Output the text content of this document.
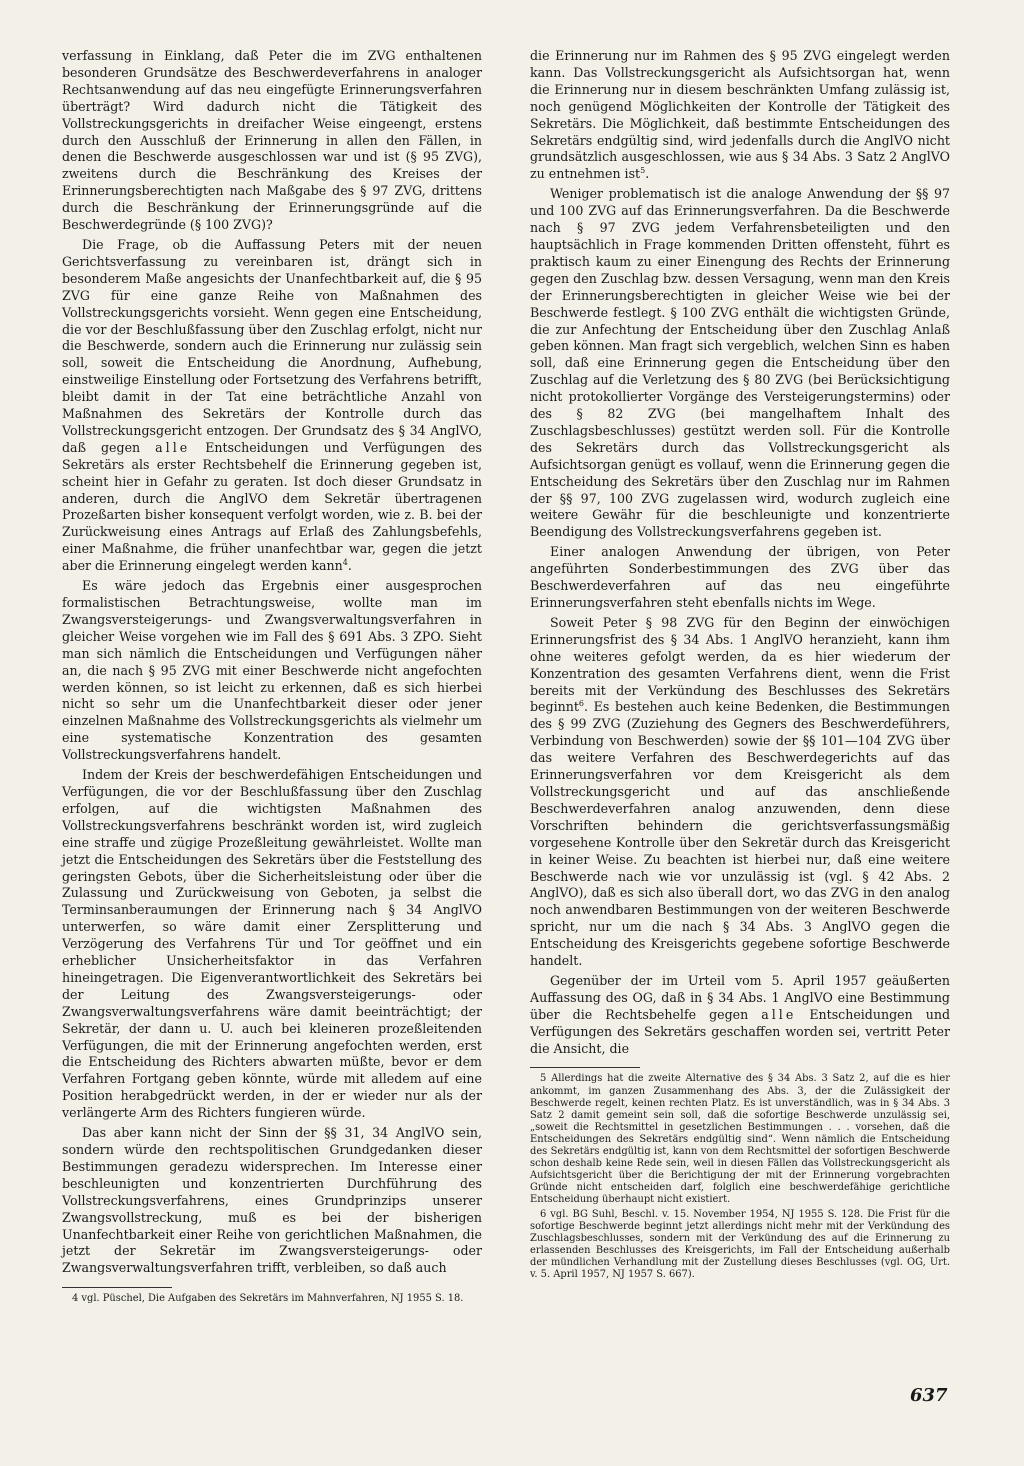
verfassung in Einklang, daß Peter die im ZVG enthaltenen besonderen Grundsätze des Beschwerdeverfahrens in analoger Rechtsanwendung auf das neu eingefügte Erinnerungsverfahren überträgt? Wird dadurch nicht die Tätigkeit des Vollstreckungsgerichts in dreifacher Weise eingeengt, erstens durch den Ausschluß der Erinnerung in allen den Fällen, in denen die Beschwerde ausgeschlossen war und ist (§ 95 ZVG), zweitens durch die Beschränkung des Kreises der Erinnerungsberechtigten nach Maßgabe des § 97 ZVG, drittens durch die Beschränkung der Erinnerungsgründe auf die Beschwerdegründe (§ 100 ZVG)?

Die Frage, ob die Auffassung Peters mit der neuen Gerichtsverfassung zu vereinbaren ist, drängt sich in besonderem Maße angesichts der Unanfechtbarkeit auf, die § 95 ZVG für eine ganze Reihe von Maßnahmen des Vollstreckungsgerichts vorsieht. Wenn gegen eine Entscheidung, die vor der Beschlußfassung über den Zuschlag erfolgt, nicht nur die Beschwerde, sondern auch die Erinnerung nur zulässig sein soll, soweit die Entscheidung die Anordnung, Aufhebung, einstweilige Einstellung oder Fortsetzung des Verfahrens betrifft, bleibt damit in der Tat eine beträchtliche Anzahl von Maßnahmen des Sekretärs der Kontrolle durch das Vollstreckungsgericht entzogen. Der Grundsatz des § 34 AnglVO, daß gegen alle Entscheidungen und Verfügungen des Sekretärs als erster Rechtsbehelf die Erinnerung gegeben ist, scheint hier in Gefahr zu geraten. Ist doch dieser Grundsatz in anderen, durch die AnglVO dem Sekretär übertragenen Prozeßarten bisher konsequent verfolgt worden, wie z. B. bei der Zurückweisung eines Antrags auf Erlaß des Zahlungsbefehls, einer Maßnahme, die früher unanfechtbar war, gegen die jetzt aber die Erinnerung eingelegt werden kann$^4$.

Es wäre jedoch das Ergebnis einer ausgesprochen formalistischen Betrachtungsweise, wollte man im Zwangsversteigerungs- und Zwangsverwaltungsverfahren in gleicher Weise vorgehen wie im Fall des § 691 Abs. 3 ZPO. Sieht man sich nämlich die Entscheidungen und Verfügungen näher an, die nach § 95 ZVG mit einer Beschwerde nicht angefochten werden können, so ist leicht zu erkennen, daß es sich hierbei nicht so sehr um die Unanfechtbarkeit dieser oder jener einzelnen Maßnahme des Vollstreckungsgerichts als vielmehr um eine systematische Konzentration des gesamten Vollstreckungsverfahrens handelt.

Indem der Kreis der beschwerdefähigen Entscheidungen und Verfügungen, die vor der Beschlußfassung über den Zuschlag erfolgen, auf die wichtigsten Maßnahmen des Vollstreckungsverfahrens beschränkt worden ist, wird zugleich eine straffe und zügige Prozeßleitung gewährleistet. Wollte man jetzt die Entscheidungen des Sekretärs über die Feststellung des geringsten Gebots, über die Sicherheitsleistung oder über die Zulassung und Zurückweisung von Geboten, ja selbst die Terminsanberaumungen der Erinnerung nach § 34 AnglVO unterwerfen, so wäre damit einer Zersplitterung und Verzögerung des Verfahrens Tür und Tor geöffnet und ein erheblicher Unsicherheitsfaktor in das Verfahren hineingetragen. Die Eigenverantwortlichkeit des Sekretärs bei der Leitung des Zwangsversteigerungs- oder Zwangsverwaltungsverfahrens wäre damit beeinträchtigt; der Sekretär, der dann u. U. auch bei kleineren prozeßleitenden Verfügungen, die mit der Erinnerung angefochten werden, erst die Entscheidung des Richters abwarten müßte, bevor er dem Verfahren Fortgang geben könnte, würde mit alledem auf eine Position herabgedrückt werden, in der er wieder nur als der verlängerte Arm des Richters fungieren würde.

Das aber kann nicht der Sinn der §§ 31, 34 AnglVO sein, sondern würde den rechtspolitischen Grundgedanken dieser Bestimmungen geradezu widersprechen. Im Interesse einer beschleunigten und konzentrierten Durchführung des Vollstreckungsverfahrens, eines Grundprinzips unserer Zwangsvollstreckung, muß es bei der bisherigen Unanfechtbarkeit einer Reihe von gerichtlichen Maßnahmen, die jetzt der Sekretär im Zwangsversteigerungs- oder Zwangsverwaltungsverfahren trifft, verbleiben, so daß auch

4 vgl. Püschel, Die Aufgaben des Sekretärs im Mahnverfahren, NJ 1955 S. 18.

die Erinnerung nur im Rahmen des § 95 ZVG eingelegt werden kann. Das Vollstreckungsgericht als Aufsichtsorgan hat, wenn die Erinnerung nur in diesem beschränkten Umfang zulässig ist, noch genügend Möglichkeiten der Kontrolle der Tätigkeit des Sekretärs. Die Möglichkeit, daß bestimmte Entscheidungen des Sekretärs endgültig sind, wird jedenfalls durch die AnglVO nicht grundsätzlich ausgeschlossen, wie aus § 34 Abs. 3 Satz 2 AnglVO zu entnehmen ist$^5$.

Weniger problematisch ist die analoge Anwendung der §§ 97 und 100 ZVG auf das Erinnerungsverfahren. Da die Beschwerde nach § 97 ZVG jedem Verfahrensbeteiligten und den hauptsächlich in Frage kommenden Dritten offensteht, führt es praktisch kaum zu einer Einengung des Rechts der Erinnerung gegen den Zuschlag bzw. dessen Versagung, wenn man den Kreis der Erinnerungsberechtigten in gleicher Weise wie bei der Beschwerde festlegt. § 100 ZVG enthält die wichtigsten Gründe, die zur Anfechtung der Entscheidung über den Zuschlag Anlaß geben können. Man fragt sich vergeblich, welchen Sinn es haben soll, daß eine Erinnerung gegen die Entscheidung über den Zuschlag auf die Verletzung des § 80 ZVG (bei Berücksichtigung nicht protokollierter Vorgänge des Versteigerungstermins) oder des § 82 ZVG (bei mangelhaftem Inhalt des Zuschlagsbeschlusses) gestützt werden soll. Für die Kontrolle des Sekretärs durch das Vollstreckungsgericht als Aufsichtsorgan genügt es vollauf, wenn die Erinnerung gegen die Entscheidung des Sekretärs über den Zuschlag nur im Rahmen der §§ 97, 100 ZVG zugelassen wird, wodurch zugleich eine weitere Gewähr für die beschleunigte und konzentrierte Beendigung des Vollstreckungsverfahrens gegeben ist.

Einer analogen Anwendung der übrigen, von Peter angeführten Sonderbestimmungen des ZVG über das Beschwerdeverfahren auf das neu eingeführte Erinnerungsverfahren steht ebenfalls nichts im Wege.

Soweit Peter § 98 ZVG für den Beginn der einwöchigen Erinnerungsfrist des § 34 Abs. 1 AnglVO heranzieht, kann ihm ohne weiteres gefolgt werden, da es hier wiederum der Konzentration des gesamten Verfahrens dient, wenn die Frist bereits mit der Verkündung des Beschlusses des Sekretärs beginnt$^6$. Es bestehen auch keine Bedenken, die Bestimmungen des § 99 ZVG (Zuziehung des Gegners des Beschwerdeführers, Verbindung von Beschwerden) sowie der §§ 101—104 ZVG über das weitere Verfahren des Beschwerdegerichts auf das Erinnerungsverfahren vor dem Kreisgericht als dem Vollstreckungsgericht und auf das anschließende Beschwerdeverfahren analog anzuwenden, denn diese Vorschriften behindern die gerichtsverfassungsmäßig vorgesehene Kontrolle über den Sekretär durch das Kreisgericht in keiner Weise. Zu beachten ist hierbei nur, daß eine weitere Beschwerde nach wie vor unzulässig ist (vgl. § 42 Abs. 2 AnglVO), daß es sich also überall dort, wo das ZVG in den analog noch anwendbaren Bestimmungen von der weiteren Beschwerde spricht, nur um die nach § 34 Abs. 3 AnglVO gegen die Entscheidung des Kreisgerichts gegebene sofortige Beschwerde handelt.

Gegenüber der im Urteil vom 5. April 1957 geäußerten Auffassung des OG, daß in § 34 Abs. 1 AnglVO eine Bestimmung über die Rechtsbehelfe gegen alle Entscheidungen und Verfügungen des Sekretärs geschaffen worden sei, vertritt Peter die Ansicht, die

5 Allerdings hat die zweite Alternative des § 34 Abs. 3 Satz 2, auf die es hier ankommt, im ganzen Zusammenhang des Abs. 3, der die Zulässigkeit der Beschwerde regelt, keinen rechten Platz. Es ist unverständlich, was in § 34 Abs. 3 Satz 2 damit gemeint sein soll, daß die sofortige Beschwerde unzulässig sei, „soweit die Rechtsmittel in gesetzlichen Bestimmungen . . . vorsehen, daß die Entscheidungen des Sekretärs endgültig sind“. Wenn nämlich die Entscheidung des Sekretärs endgültig ist, kann von dem Rechtsmittel der sofortigen Beschwerde schon deshalb keine Rede sein, weil in diesen Fällen das Vollstreckungsgericht als Aufsichtsgericht über die Berichtigung der mit der Erinnerung vorgebrachten Gründe nicht entscheiden darf, folglich eine beschwerdefähige gerichtliche Entscheidung überhaupt nicht existiert.

6 vgl. BG Suhl, Beschl. v. 15. November 1954, NJ 1955 S. 128. Die Frist für die sofortige Beschwerde beginnt jetzt allerdings nicht mehr mit der Verkündung des Zuschlagsbeschlusses, sondern mit der Verkündung des auf die Erinnerung zu erlassenden Beschlusses des Kreisgerichts, im Fall der Entscheidung außerhalb der mündlichen Verhandlung mit der Zustellung dieses Beschlusses (vgl. OG, Urt. v. 5. April 1957, NJ 1957 S. 667).

637
